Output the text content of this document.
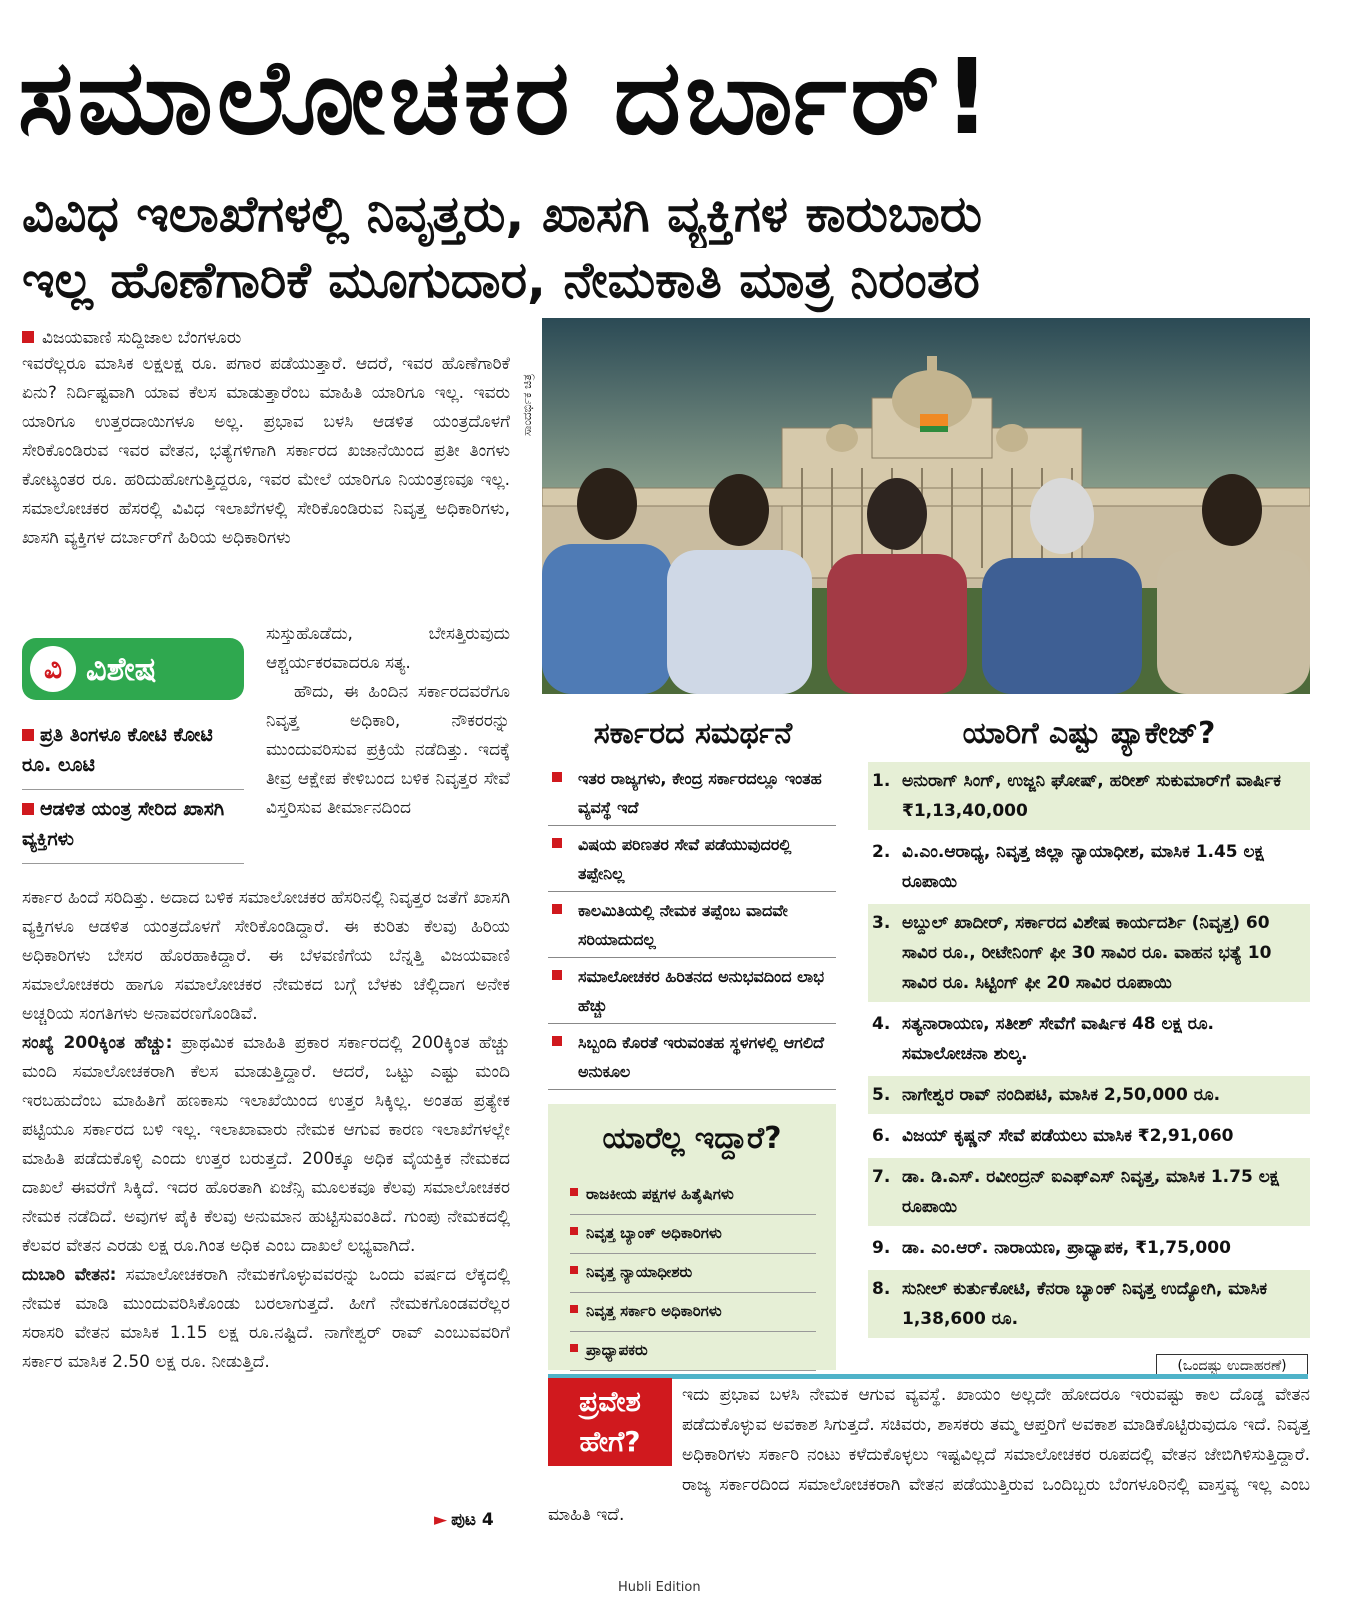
ಸಮಾಲೋಚಕರ ದರ್ಬಾರ್!
ವಿವಿಧ ಇಲಾಖೆಗಳಲ್ಲಿ ನಿವೃತ್ತರು, ಖಾಸಗಿ ವ್ಯಕ್ತಿಗಳ ಕಾರುಬಾರು
ಇಲ್ಲ ಹೊಣೆಗಾರಿಕೆ ಮೂಗುದಾರ, ನೇಮಕಾತಿ ಮಾತ್ರ ನಿರಂತರ
ವಿಜಯವಾಣಿ ಸುದ್ದಿಜಾಲ ಬೆಂಗಳೂರು

ಇವರೆಲ್ಲರೂ ಮಾಸಿಕ ಲಕ್ಷಲಕ್ಷ ರೂ. ಪಗಾರ ಪಡೆಯುತ್ತಾರೆ. ಆದರೆ, ಇವರ ಹೊಣೆಗಾರಿಕೆ ಏನು? ನಿರ್ದಿಷ್ಟವಾಗಿ ಯಾವ ಕೆಲಸ ಮಾಡುತ್ತಾರೆಂಬ ಮಾಹಿತಿ ಯಾರಿಗೂ ಇಲ್ಲ. ಇವರು ಯಾರಿಗೂ ಉತ್ತರದಾಯಿಗಳೂ ಅಲ್ಲ. ಪ್ರಭಾವ ಬಳಸಿ ಆಡಳಿತ ಯಂತ್ರದೊಳಗೆ ಸೇರಿಕೊಂಡಿರುವ ಇವರ ವೇತನ, ಭತ್ಯೆಗಳಿಗಾಗಿ ಸರ್ಕಾರದ ಖಜಾನೆಯಿಂದ ಪ್ರತೀ ತಿಂಗಳು ಕೋಟ್ಯಂತರ ರೂ. ಹರಿದುಹೋಗುತ್ತಿದ್ದರೂ, ಇವರ ಮೇಲೆ ಯಾರಿಗೂ ನಿಯಂತ್ರಣವೂ ಇಲ್ಲ. ಸಮಾಲೋಚಕರ ಹೆಸರಲ್ಲಿ ವಿವಿಧ ಇಲಾಖೆಗಳಲ್ಲಿ ಸೇರಿಕೊಂಡಿರುವ ನಿವೃತ್ತ ಅಧಿಕಾರಿಗಳು, ಖಾಸಗಿ ವ್ಯಕ್ತಿಗಳ ದರ್ಬಾರ್‌ಗೆ ಹಿರಿಯ ಅಧಿಕಾರಿಗಳು

ಸುಸ್ತುಹೊಡೆದು, ಬೇಸತ್ತಿರುವುದು ಆಶ್ಚರ್ಯಕರವಾದರೂ ಸತ್ಯ.

ಹೌದು, ಈ ಹಿಂದಿನ ಸರ್ಕಾರದವರೆಗೂ ನಿವೃತ್ತ ಅಧಿಕಾರಿ, ನೌಕರರನ್ನು ಮುಂದುವರಿಸುವ ಪ್ರಕ್ರಿಯೆ ನಡೆದಿತ್ತು. ಇದಕ್ಕೆ ತೀವ್ರ ಆಕ್ಷೇಪ ಕೇಳಿಬಂದ ಬಳಿಕ ನಿವೃತ್ತರ ಸೇವೆ ವಿಸ್ತರಿಸುವ ತೀರ್ಮಾನದಿಂದ

ಸರ್ಕಾರ ಹಿಂದೆ ಸರಿದಿತ್ತು. ಅದಾದ ಬಳಿಕ ಸಮಾಲೋಚಕರ ಹೆಸರಿನಲ್ಲಿ ನಿವೃತ್ತರ ಜತೆಗೆ ಖಾಸಗಿ ವ್ಯಕ್ತಿಗಳೂ ಆಡಳಿತ ಯಂತ್ರದೊಳಗೆ ಸೇರಿಕೊಂಡಿದ್ದಾರೆ. ಈ ಕುರಿತು ಕೆಲವು ಹಿರಿಯ ಅಧಿಕಾರಿಗಳು ಬೇಸರ ಹೊರಹಾಕಿದ್ದಾರೆ. ಈ ಬೆಳವಣಿಗೆಯ ಬೆನ್ನತ್ತಿ ವಿಜಯವಾಣಿ ಸಮಾಲೋಚಕರು ಹಾಗೂ ಸಮಾಲೋಚಕರ ನೇಮಕದ ಬಗ್ಗೆ ಬೆಳಕು ಚೆಲ್ಲಿದಾಗ ಅನೇಕ ಅಚ್ಚರಿಯ ಸಂಗತಿಗಳು ಅನಾವರಣಗೊಂಡಿವೆ.

ಸಂಖ್ಯೆ 200ಕ್ಕಿಂತ ಹೆಚ್ಚು: ಪ್ರಾಥಮಿಕ ಮಾಹಿತಿ ಪ್ರಕಾರ ಸರ್ಕಾರದಲ್ಲಿ 200ಕ್ಕಿಂತ ಹೆಚ್ಚು ಮಂದಿ ಸಮಾಲೋಚಕರಾಗಿ ಕೆಲಸ ಮಾಡುತ್ತಿದ್ದಾರೆ. ಆದರೆ, ಒಟ್ಟು ಎಷ್ಟು ಮಂದಿ ಇರಬಹುದೆಂಬ ಮಾಹಿತಿಗೆ ಹಣಕಾಸು ಇಲಾಖೆಯಿಂದ ಉತ್ತರ ಸಿಕ್ಕಿಲ್ಲ. ಅಂತಹ ಪ್ರತ್ಯೇಕ ಪಟ್ಟಿಯೂ ಸರ್ಕಾರದ ಬಳಿ ಇಲ್ಲ. ಇಲಾಖಾವಾರು ನೇಮಕ ಆಗುವ ಕಾರಣ ಇಲಾಖೆಗಳಲ್ಲೇ ಮಾಹಿತಿ ಪಡೆದುಕೊಳ್ಳಿ ಎಂದು ಉತ್ತರ ಬರುತ್ತದೆ. 200ಕ್ಕೂ ಅಧಿಕ ವೈಯಕ್ತಿಕ ನೇಮಕದ ದಾಖಲೆ ಈವರೆಗೆ ಸಿಕ್ಕಿದೆ. ಇದರ ಹೊರತಾಗಿ ಏಜೆನ್ಸಿ ಮೂಲಕವೂ ಕೆಲವು ಸಮಾಲೋಚಕರ ನೇಮಕ ನಡೆದಿದೆ. ಅವುಗಳ ಪೈಕಿ ಕೆಲವು ಅನುಮಾನ ಹುಟ್ಟಿಸುವಂತಿದೆ. ಗುಂಪು ನೇಮಕದಲ್ಲಿ ಕೆಲವರ ವೇತನ ಎರಡು ಲಕ್ಷ ರೂ.ಗಿಂತ ಅಧಿಕ ಎಂಬ ದಾಖಲೆ ಲಭ್ಯವಾಗಿದೆ.

ದುಬಾರಿ ವೇತನ: ಸಮಾಲೋಚಕರಾಗಿ ನೇಮಕಗೊಳ್ಳುವವರನ್ನು ಒಂದು ವರ್ಷದ ಲೆಕ್ಕದಲ್ಲಿ ನೇಮಕ ಮಾಡಿ ಮುಂದುವರಿಸಿಕೊಂಡು ಬರಲಾಗುತ್ತದೆ. ಹೀಗೆ ನೇಮಕಗೊಂಡವರೆಲ್ಲರ ಸರಾಸರಿ ವೇತನ ಮಾಸಿಕ 1.15 ಲಕ್ಷ ರೂ.ನಷ್ಟಿದೆ. ನಾಗೇಶ್ವರ್ ರಾವ್ ಎಂಬುವವರಿಗೆ ಸರ್ಕಾರ ಮಾಸಿಕ 2.50 ಲಕ್ಷ ರೂ. ನೀಡುತ್ತಿದೆ.

► ಪುಟ 4
ಸಾಂದರ್ಭಿಕ ಚಿತ್ರ
ವಿ ವಿಶೇಷ
ಪ್ರತಿ ತಿಂಗಳೂ ಕೋಟಿ ಕೋಟಿ ರೂ. ಲೂಟಿ
ಆಡಳಿತ ಯಂತ್ರ ಸೇರಿದ ಖಾಸಗಿ ವ್ಯಕ್ತಿಗಳು
ಸರ್ಕಾರದ ಸಮರ್ಥನೆ
ಇತರ ರಾಜ್ಯಗಳು, ಕೇಂದ್ರ ಸರ್ಕಾರದಲ್ಲೂ ಇಂತಹ ವ್ಯವಸ್ಥೆ ಇದೆ
ವಿಷಯ ಪರಿಣತರ ಸೇವೆ ಪಡೆಯುವುದರಲ್ಲಿ ತಪ್ಪೇನಿಲ್ಲ
ಕಾಲಮಿತಿಯಲ್ಲಿ ನೇಮಕ ತಪ್ಪೆಂಬ ವಾದವೇ ಸರಿಯಾದುದಲ್ಲ
ಸಮಾಲೋಚಕರ ಹಿರಿತನದ ಅನುಭವದಿಂದ ಲಾಭ ಹೆಚ್ಚು
ಸಿಬ್ಬಂದಿ ಕೊರತೆ ಇರುವಂತಹ ಸ್ಥಳಗಳಲ್ಲಿ ಆಗಲಿದೆ ಅನುಕೂಲ
ಯಾರೆಲ್ಲ ಇದ್ದಾರೆ?
ರಾಜಕೀಯ ಪಕ್ಷಗಳ ಹಿತೈಷಿಗಳು
ನಿವೃತ್ತ ಬ್ಯಾಂಕ್ ಅಧಿಕಾರಿಗಳು
ನಿವೃತ್ತ ನ್ಯಾಯಾಧೀಶರು
ನಿವೃತ್ತ ಸರ್ಕಾರಿ ಅಧಿಕಾರಿಗಳು
ಪ್ರಾಧ್ಯಾಪಕರು
ಯಾರಿಗೆ ಎಷ್ಟು ಪ್ಯಾಕೇಜ್?
1. ಅನುರಾಗ್ ಸಿಂಗ್, ಉಜ್ಜನಿ ಘೋಷ್, ಹರೀಶ್ ಸುಕುಮಾರ್‌ಗೆ ವಾರ್ಷಿಕ ₹1,13,40,000
2. ವಿ.ಎಂ.ಆರಾಧ್ಯ, ನಿವೃತ್ತ ಜಿಲ್ಲಾ ನ್ಯಾಯಾಧೀಶ, ಮಾಸಿಕ 1.45 ಲಕ್ಷ ರೂಪಾಯಿ
3. ಅಬ್ದುಲ್ ಖಾದೀರ್, ಸರ್ಕಾರದ ವಿಶೇಷ ಕಾರ್ಯದರ್ಶಿ (ನಿವೃತ್ತ) 60 ಸಾವಿರ ರೂ., ರೀಟೇನಿಂಗ್ ಫೀ 30 ಸಾವಿರ ರೂ. ವಾಹನ ಭತ್ಯೆ 10 ಸಾವಿರ ರೂ. ಸಿಟ್ಟಿಂಗ್ ಫೀ 20 ಸಾವಿರ ರೂಪಾಯಿ
4. ಸತ್ಯನಾರಾಯಣ, ಸತೀಶ್ ಸೇವೆಗೆ ವಾರ್ಷಿಕ 48 ಲಕ್ಷ ರೂ. ಸಮಾಲೋಚನಾ ಶುಲ್ಕ.
5. ನಾಗೇಶ್ವರ ರಾವ್ ನಂದಿಪಟಿ, ಮಾಸಿಕ 2,50,000 ರೂ.
6. ವಿಜಯ್ ಕೃಷ್ಣನ್ ಸೇವೆ ಪಡೆಯಲು ಮಾಸಿಕ ₹2,91,060
7. ಡಾ. ಡಿ.ಎಸ್. ರವೀಂದ್ರನ್ ಐಎಫ್‌ಎಸ್ ನಿವೃತ್ತ, ಮಾಸಿಕ 1.75 ಲಕ್ಷ ರೂಪಾಯಿ
9. ಡಾ. ಎಂ.ಆರ್. ನಾರಾಯಣ, ಪ್ರಾಧ್ಯಾಪಕ, ₹1,75,000
8. ಸುನೀಲ್ ಕುರ್ತುಕೋಟಿ, ಕೆನರಾ ಬ್ಯಾಂಕ್ ನಿವೃತ್ತ ಉದ್ಯೋಗಿ, ಮಾಸಿಕ 1,38,600 ರೂ.
(ಒಂದಷ್ಟು ಉದಾಹರಣೆ)
ಇದು ಪ್ರಭಾವ ಬಳಸಿ ನೇಮಕ ಆಗುವ ವ್ಯವಸ್ಥೆ. ಖಾಯಂ ಅಲ್ಲದೇ ಹೋದರೂ ಇರುವಷ್ಟು ಕಾಲ ದೊಡ್ಡ ವೇತನ ಪಡೆದುಕೊಳ್ಳುವ ಅವಕಾಶ ಸಿಗುತ್ತದೆ. ಸಚಿವರು, ಶಾಸಕರು ತಮ್ಮ ಆಪ್ತರಿಗೆ ಅವಕಾಶ ಮಾಡಿಕೊಟ್ಟಿರುವುದೂ ಇದೆ. ನಿವೃತ್ತ ಅಧಿಕಾರಿಗಳು ಸರ್ಕಾರಿ ನಂಟು ಕಳೆದುಕೊಳ್ಳಲು ಇಷ್ಟವಿಲ್ಲದೆ ಸಮಾಲೋಚಕರ ರೂಪದಲ್ಲಿ ವೇತನ ಜೇಬಿಗಿಳಿಸುತ್ತಿದ್ದಾರೆ. ರಾಜ್ಯ ಸರ್ಕಾರದಿಂದ ಸಮಾಲೋಚಕರಾಗಿ ವೇತನ ಪಡೆಯುತ್ತಿರುವ ಒಂದಿಬ್ಬರು ಬೆಂಗಳೂರಿನಲ್ಲಿ ವಾಸ್ತವ್ಯ ಇಲ್ಲ ಎಂಬ ಮಾಹಿತಿ ಇದೆ.
ಪ್ರವೇಶ
ಹೇಗೆ?
Hubli Edition
